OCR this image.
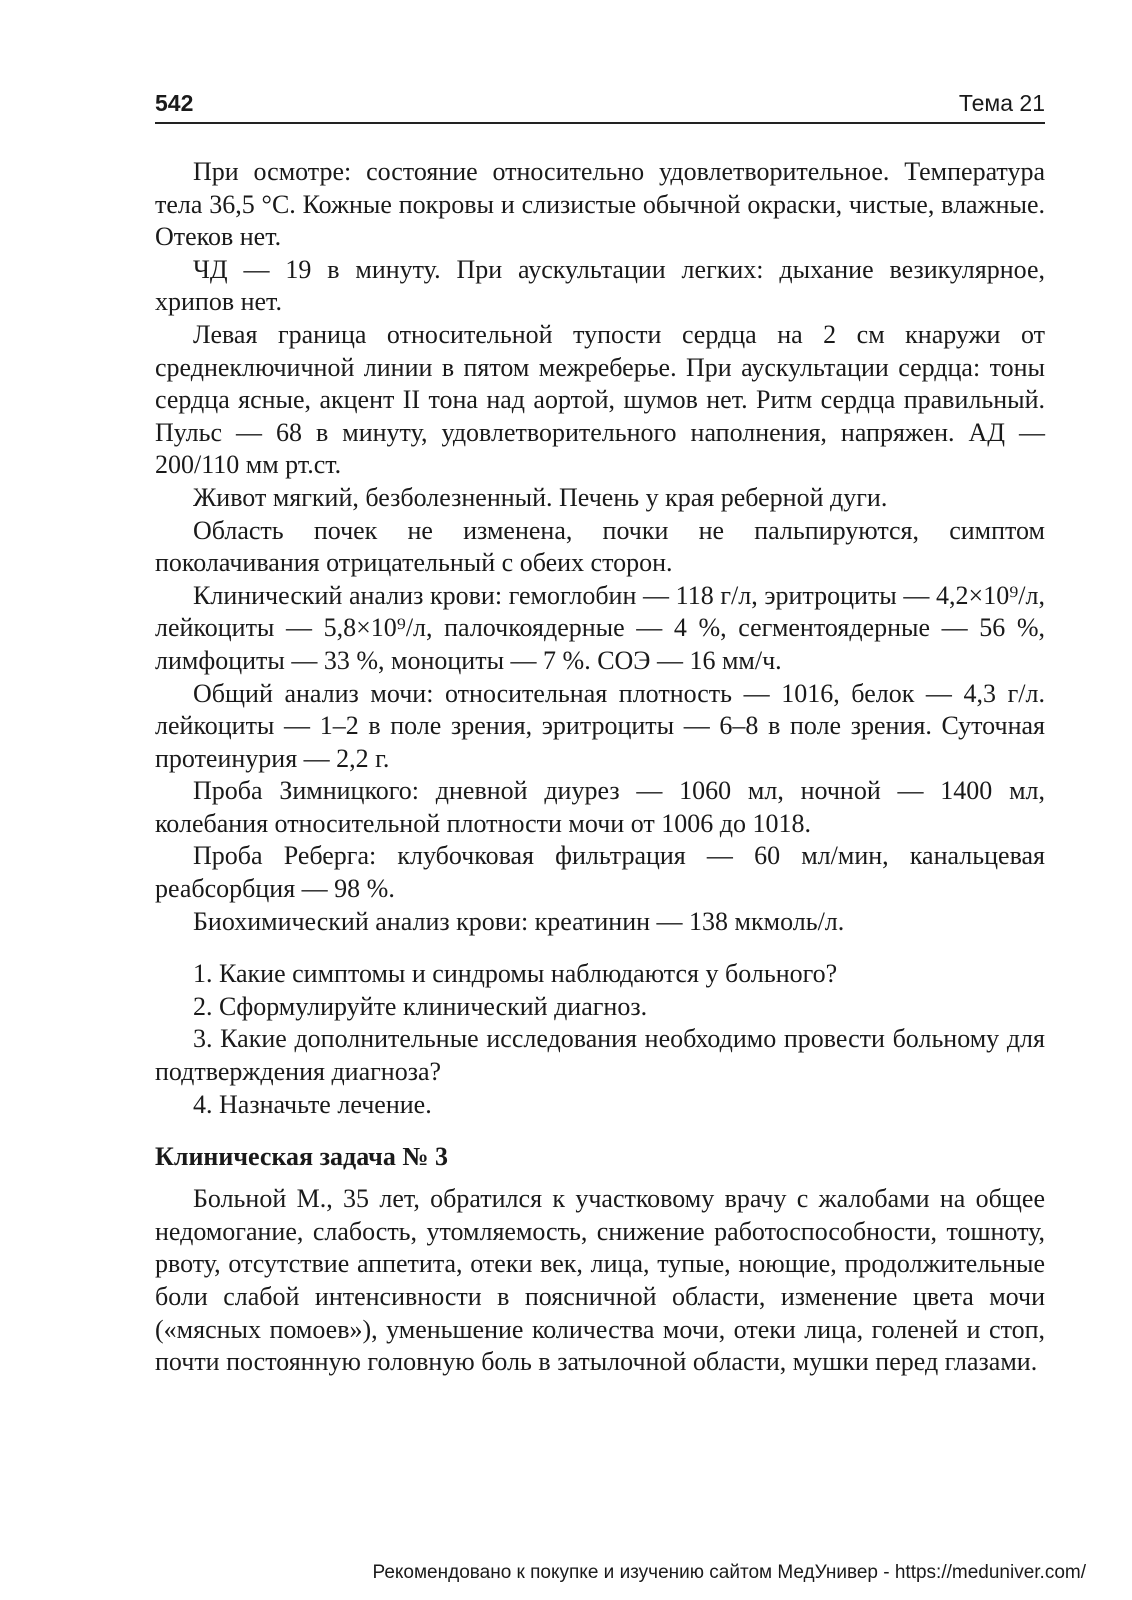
542	Тема 21

При осмотре: состояние относительно удовлетворительное. Температура тела 36,5 °С. Кожные покровы и слизистые обычной окраски, чистые, влажные. Отеков нет.

ЧД — 19 в минуту. При аускультации легких: дыхание везикулярное, хрипов нет.

Левая граница относительной тупости сердца на 2 см кнаружи от среднеключичной линии в пятом межреберье. При аускультации сердца: тоны сердца ясные, акцент II тона над аортой, шумов нет. Ритм сердца правильный. Пульс — 68 в минуту, удовлетворительного наполнения, напряжен. АД — 200/110 мм рт.ст.

Живот мягкий, безболезненный. Печень у края реберной дуги.

Область почек не изменена, почки не пальпируются, симптом поколачивания отрицательный с обеих сторон.

Клинический анализ крови: гемоглобин — 118 г/л, эритроциты — 4,2×10⁹/л, лейкоциты — 5,8×10⁹/л, палочкоядерные — 4 %, сегментоядерные — 56 %, лимфоциты — 33 %, моноциты — 7 %. СОЭ — 16 мм/ч.

Общий анализ мочи: относительная плотность — 1016, белок — 4,3 г/л. лейкоциты — 1–2 в поле зрения, эритроциты — 6–8 в поле зрения. Суточная протеинурия — 2,2 г.

Проба Зимницкого: дневной диурез — 1060 мл, ночной — 1400 мл, колебания относительной плотности мочи от 1006 до 1018.

Проба Реберга: клубочковая фильтрация — 60 мл/мин, канальцевая реабсорбция — 98 %.

Биохимический анализ крови: креатинин — 138 мкмоль/л.

1. Какие симптомы и синдромы наблюдаются у больного?

2. Сформулируйте клинический диагноз.

3. Какие дополнительные исследования необходимо провести больному для подтверждения диагноза?

4. Назначьте лечение.

Клиническая задача № 3

Больной М., 35 лет, обратился к участковому врачу с жалобами на общее недомогание, слабость, утомляемость, снижение работоспособности, тошноту, рвоту, отсутствие аппетита, отеки век, лица, тупые, ноющие, продолжительные боли слабой интенсивности в поясничной области, изменение цвета мочи («мясных помоев»), уменьшение количества мочи, отеки лица, голеней и стоп, почти постоянную головную боль в затылочной области, мушки перед глазами.

Рекомендовано к покупке и изучению сайтом МедУнивер - https://meduniver.com/
